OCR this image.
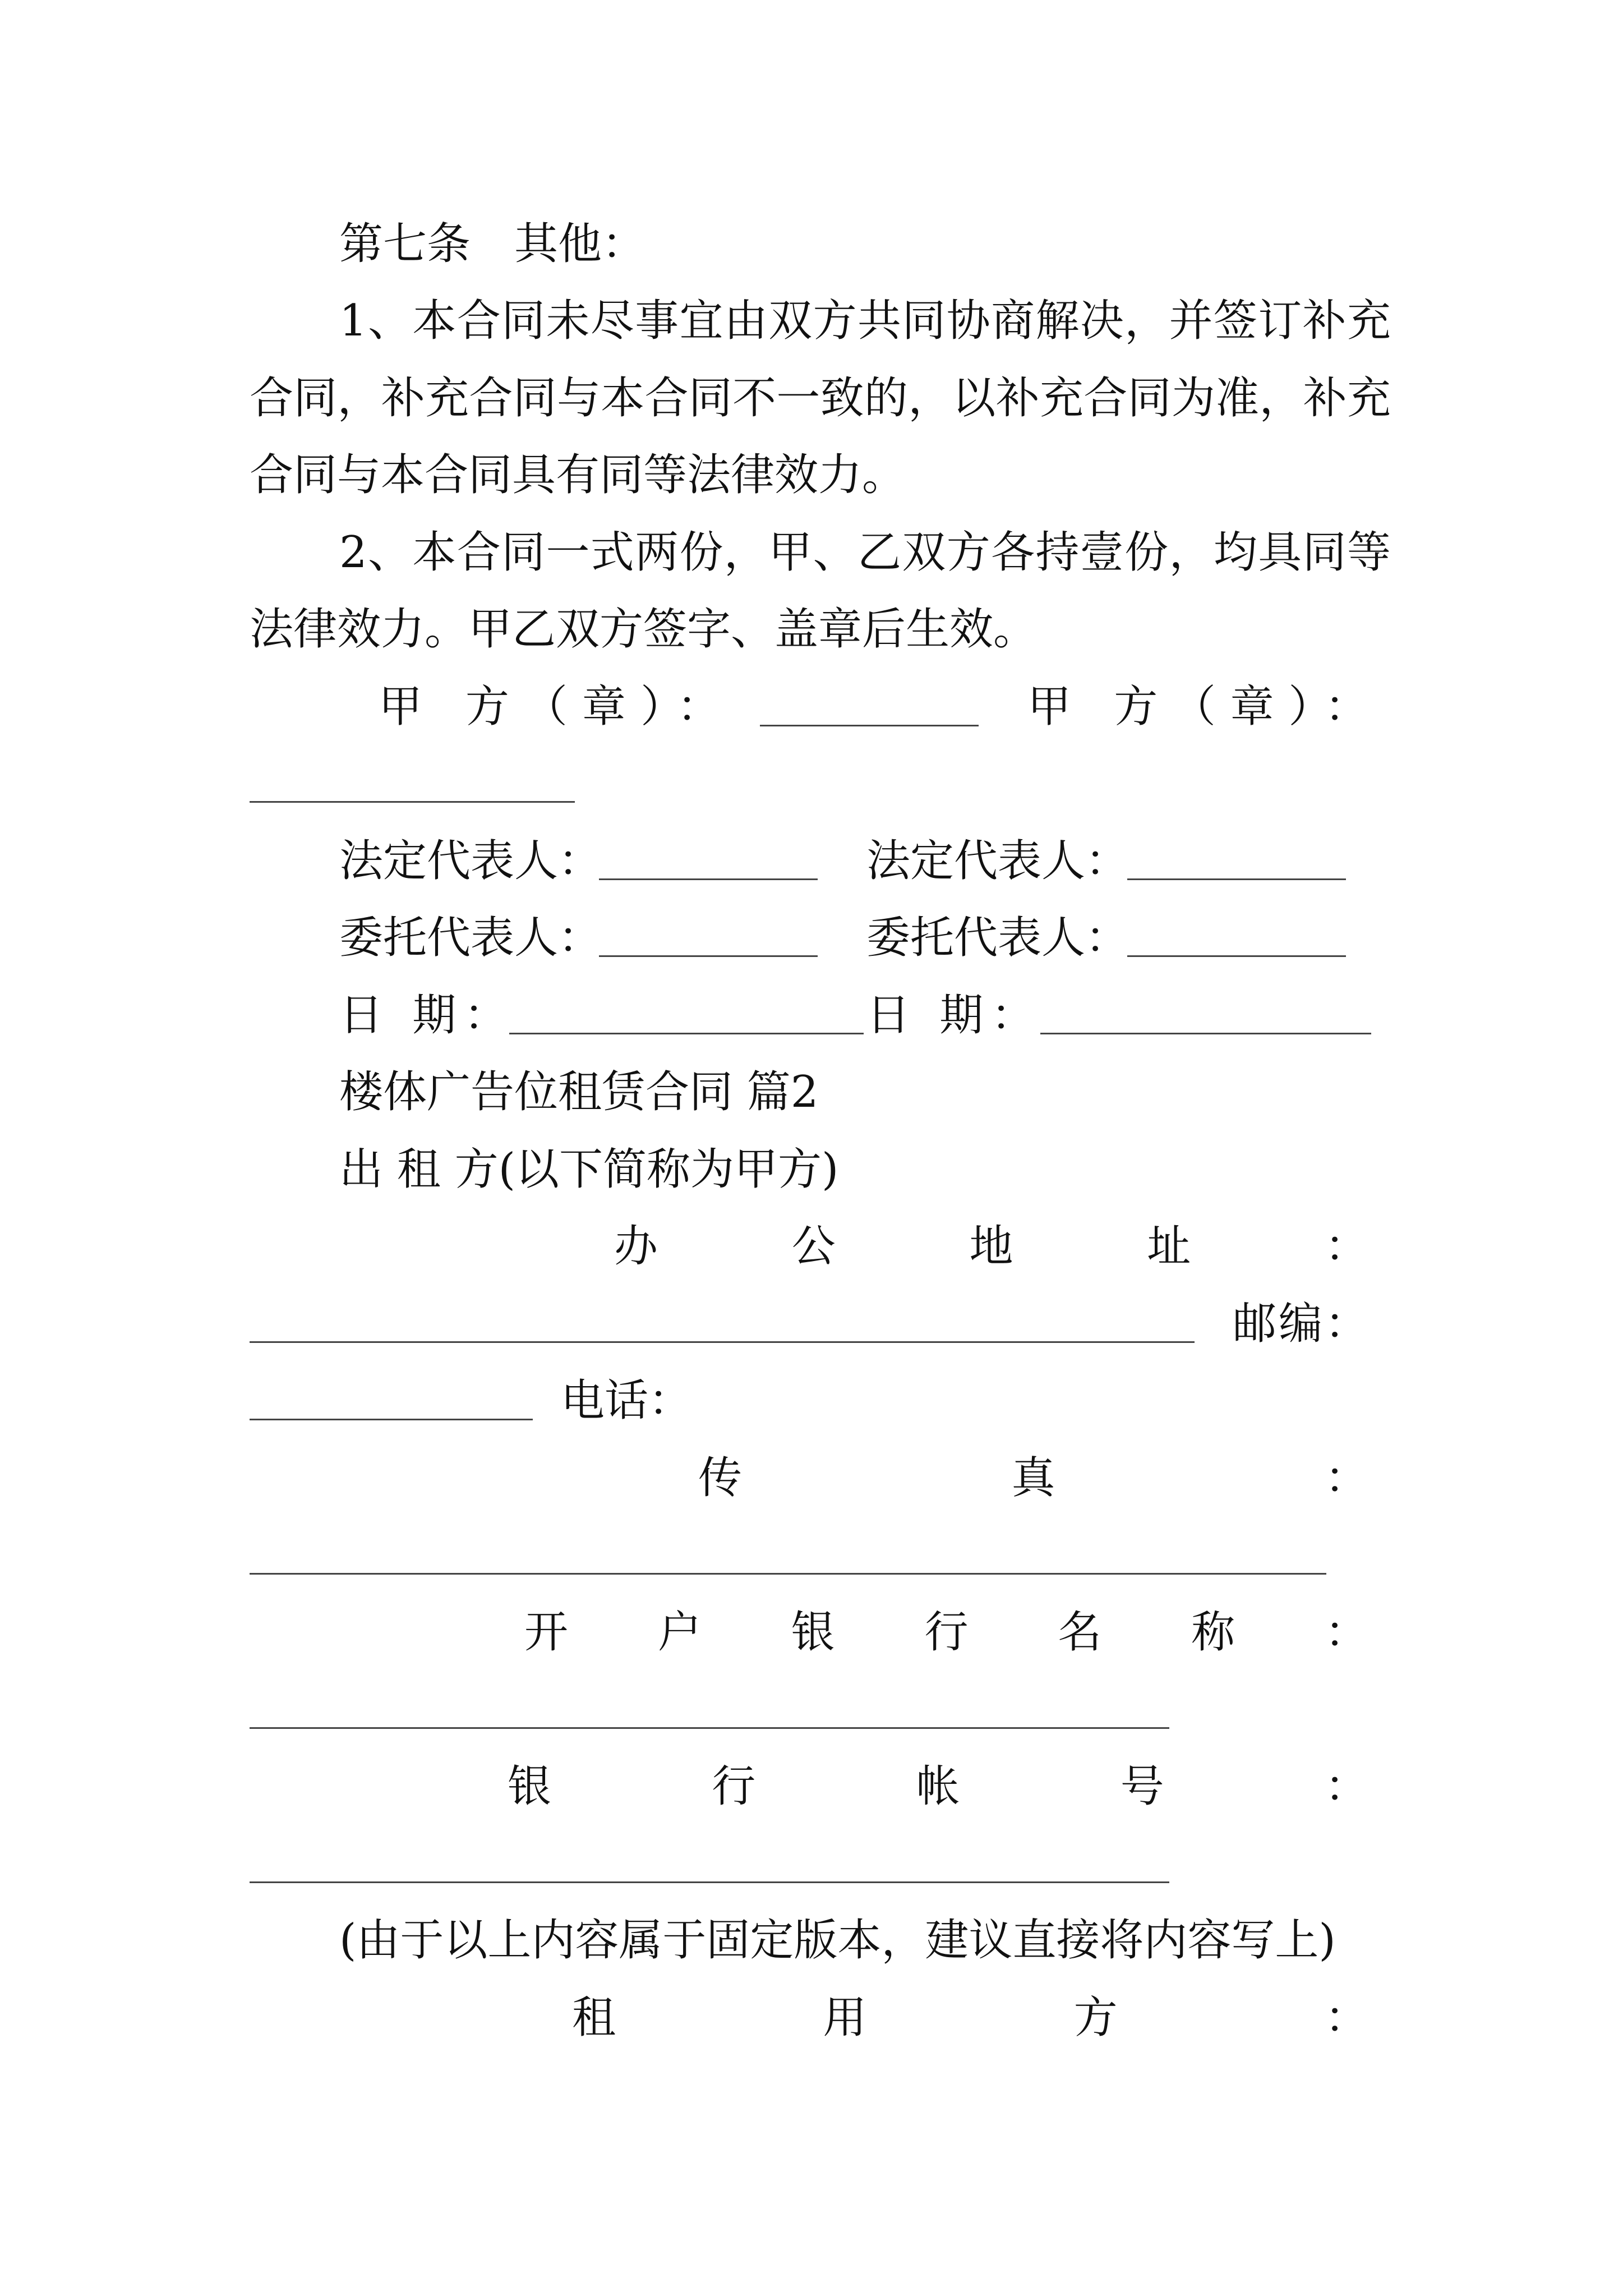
第七条　其他：
1、本合同未尽事宜由双方共同协商解决，并签订补充
合同，补充合同与本合同不一致的，以补充合同为准，补充
合同与本合同具有同等法律效力。
2、本合同一式两份，甲、乙双方各持壹份，均具同等
法律效力。甲乙双方签字、盖章后生效。
甲 方（章）：	甲 方（章）：
法定代表人：	法定代表人：
委托代表人：	委托代表人：
日 期：	日 期：
楼体广告位租赁合同 篇2
出 租 方(以下简称为甲方)
办公地址：
邮编：
电话：
传真：
开户银行名称：
银行帐号：
(由于以上内容属于固定版本，建议直接将内容写上)
租用方：
